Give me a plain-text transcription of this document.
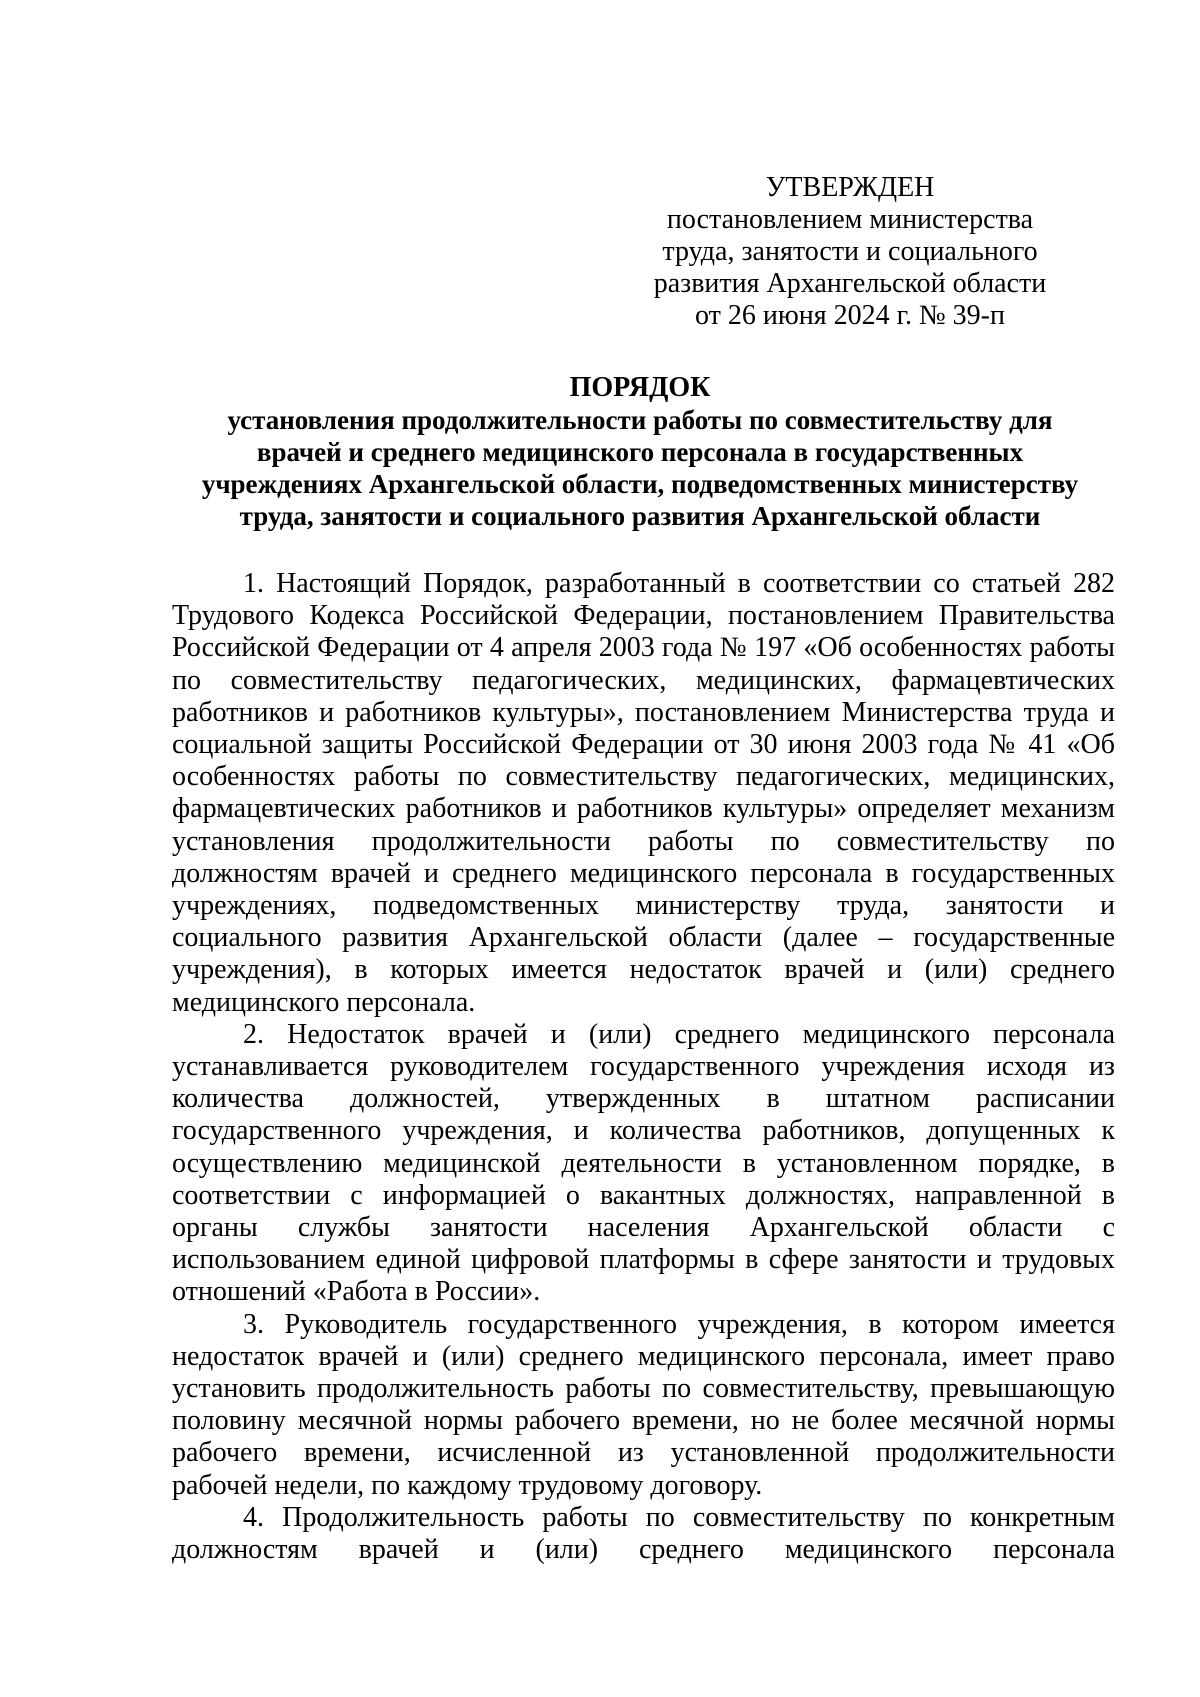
УТВЕРЖДЕН
постановлением министерства
труда, занятости и социального
развития Архангельской области
от 26 июня 2024 г. № 39-п
ПОРЯДОК
установления продолжительности работы по совместительству для
врачей и среднего медицинского персонала в государственных
учреждениях Архангельской области, подведомственных министерству
труда, занятости и социального развития Архангельской области

1. Настоящий Порядок, разработанный в соответствии со статьей 282 Трудового Кодекса Российской Федерации, постановлением Правительства Российской Федерации от 4 апреля 2003 года № 197 «Об особенностях работы по совместительству педагогических, медицинских, фармацевтических работников и работников культуры», постановлением Министерства труда и социальной защиты Российской Федерации от 30 июня 2003 года № 41 «Об особенностях работы по совместительству педагогических, медицинских, фармацевтических работников и работников культуры» определяет механизм установления продолжительности работы по совместительству по должностям врачей и среднего медицинского персонала в государственных учреждениях, подведомственных министерству труда, занятости и социального развития Архангельской области (далее – государственные учреждения), в которых имеется недостаток врачей и (или) среднего медицинского персонала.

2. Недостаток врачей и (или) среднего медицинского персонала устанавливается руководителем государственного учреждения исходя из количества должностей, утвержденных в штатном расписании государственного учреждения, и количества работников, допущенных к осуществлению медицинской деятельности в установленном порядке, в соответствии с информацией о вакантных должностях, направленной в органы службы занятости населения Архангельской области с использованием единой цифровой платформы в сфере занятости и трудовых отношений «Работа в России».

3. Руководитель государственного учреждения, в котором имеется недостаток врачей и (или) среднего медицинского персонала, имеет право установить продолжительность работы по совместительству, превышающую половину месячной нормы рабочего времени, но не более месячной нормы рабочего времени, исчисленной из установленной продолжительности рабочей недели, по каждому трудовому договору.

4. Продолжительность работы по совместительству по конкретным должностям врачей и (или) среднего медицинского персонала
